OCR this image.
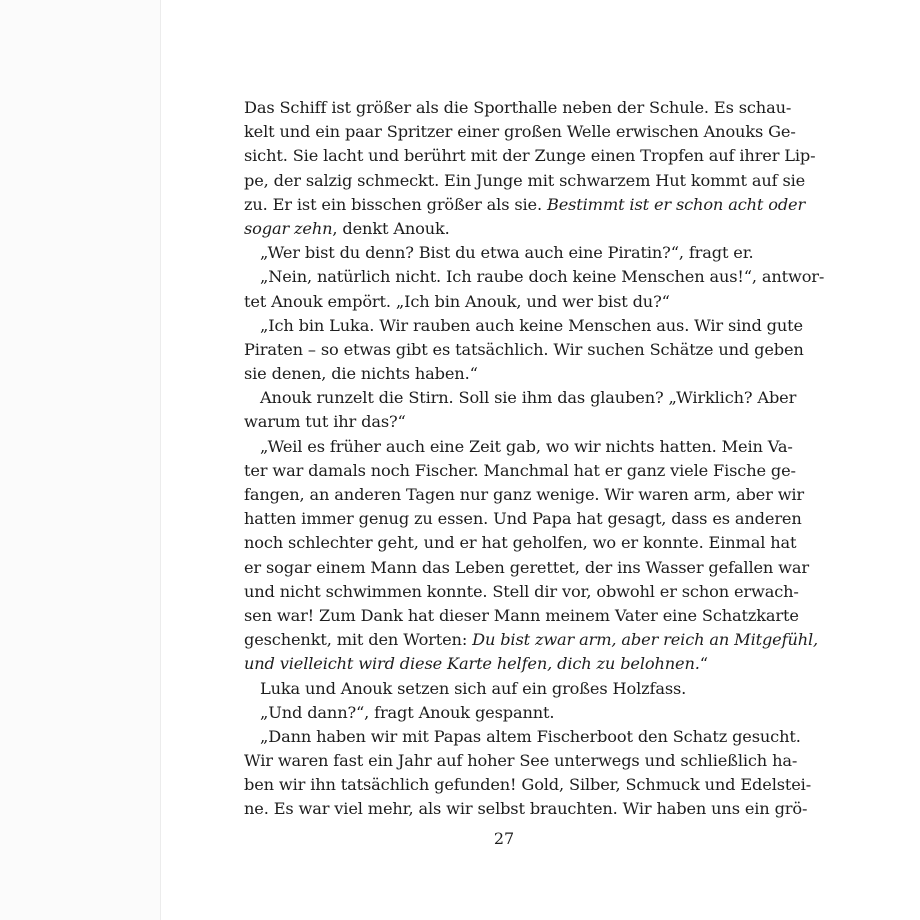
Das Schiff ist größer als die Sporthalle neben der Schule. Es schau-
kelt und ein paar Spritzer einer großen Welle erwischen Anouks Ge-
sicht. Sie lacht und berührt mit der Zunge einen Tropfen auf ihrer Lip-
pe, der salzig schmeckt. Ein Junge mit schwarzem Hut kommt auf sie
zu. Er ist ein bisschen größer als sie. Bestimmt ist er schon acht oder
sogar zehn, denkt Anouk.
„Wer bist du denn? Bist du etwa auch eine Piratin?“, fragt er.
„Nein, natürlich nicht. Ich raube doch keine Menschen aus!“, antwor-
tet Anouk empört. „Ich bin Anouk, und wer bist du?“
„Ich bin Luka. Wir rauben auch keine Menschen aus. Wir sind gute
Piraten – so etwas gibt es tatsächlich. Wir suchen Schätze und geben
sie denen, die nichts haben.“
Anouk runzelt die Stirn. Soll sie ihm das glauben? „Wirklich? Aber
warum tut ihr das?“
„Weil es früher auch eine Zeit gab, wo wir nichts hatten. Mein Va-
ter war damals noch Fischer. Manchmal hat er ganz viele Fische ge-
fangen, an anderen Tagen nur ganz wenige. Wir waren arm, aber wir
hatten immer genug zu essen. Und Papa hat gesagt, dass es anderen
noch schlechter geht, und er hat geholfen, wo er konnte. Einmal hat
er sogar einem Mann das Leben gerettet, der ins Wasser gefallen war
und nicht schwimmen konnte. Stell dir vor, obwohl er schon erwach-
sen war! Zum Dank hat dieser Mann meinem Vater eine Schatzkarte
geschenkt, mit den Worten: Du bist zwar arm, aber reich an Mitgefühl,
und vielleicht wird diese Karte helfen, dich zu belohnen.“
Luka und Anouk setzen sich auf ein großes Holzfass.
„Und dann?“, fragt Anouk gespannt.
„Dann haben wir mit Papas altem Fischerboot den Schatz gesucht.
Wir waren fast ein Jahr auf hoher See unterwegs und schließlich ha-
ben wir ihn tatsächlich gefunden! Gold, Silber, Schmuck und Edelstei-
ne. Es war viel mehr, als wir selbst brauchten. Wir haben uns ein grö-
27
